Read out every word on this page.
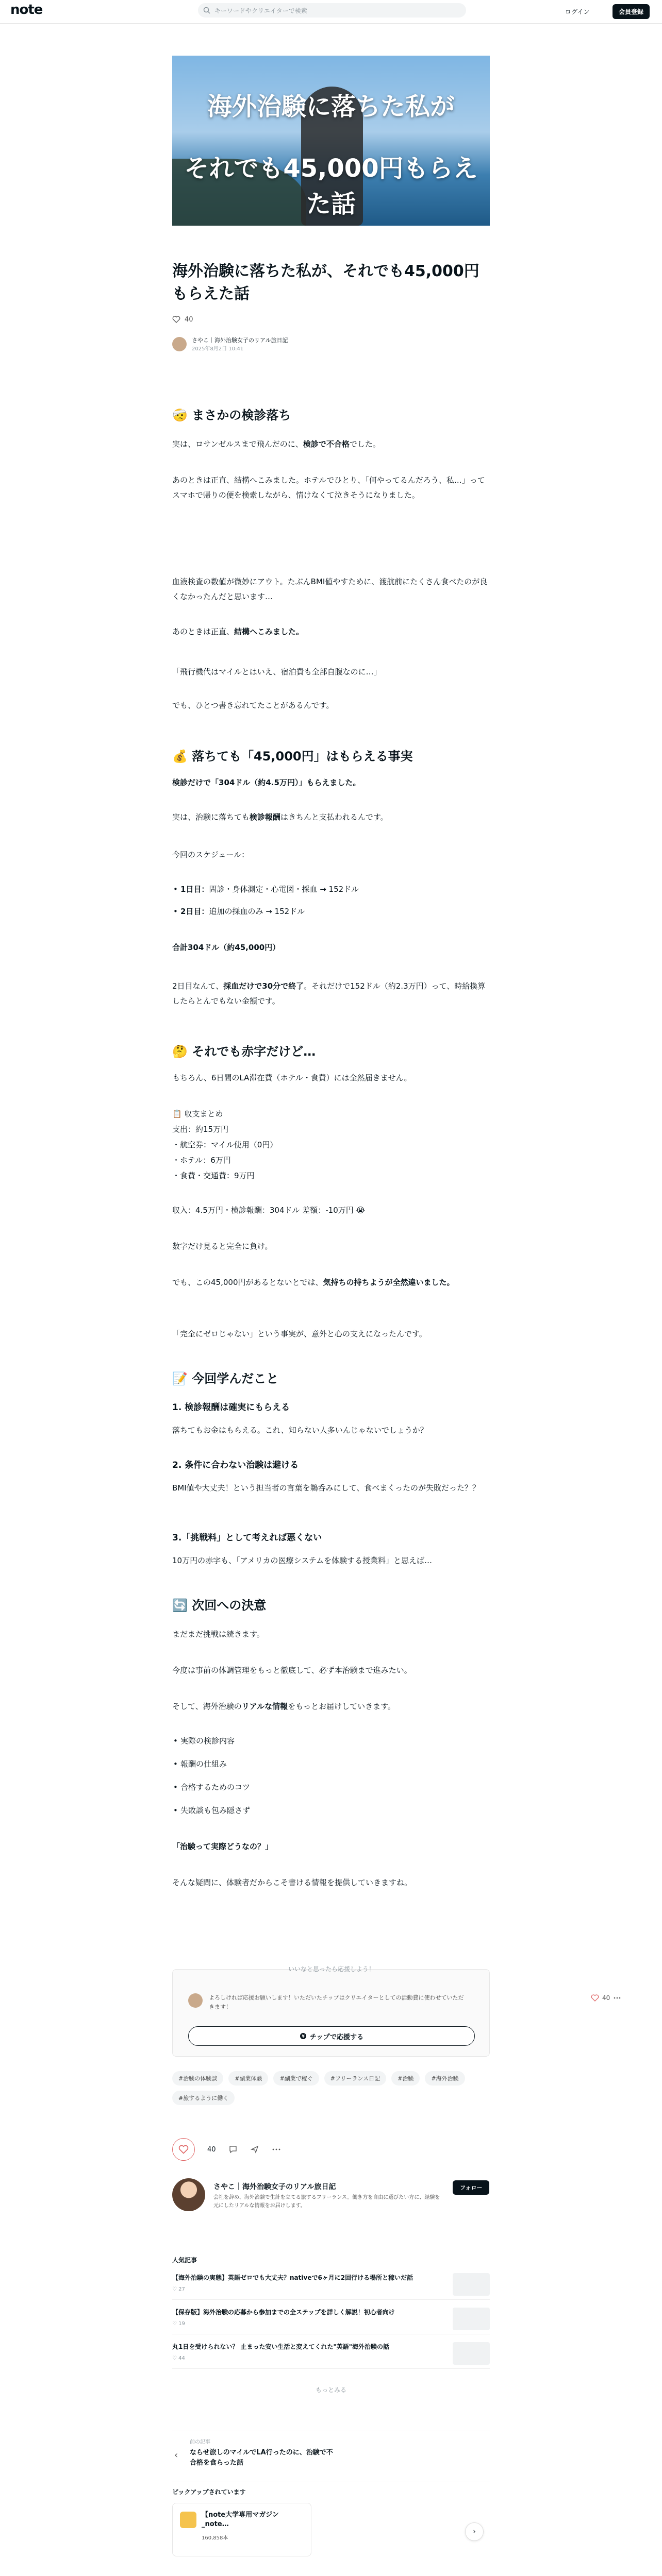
note	キーワードやクリエイターで検索	ログイン	会員登録
海外治験に落ちた私が
それでも45,000円もらえた話
海外治験に落ちた私が、それでも45,000円もらえた話
40
さやこ｜海外治験女子のリアル旅日記
2025年8月2日 10:41
🤕 まさかの検診落ち
実は、ロサンゼルスまで飛んだのに、検診で不合格でした。
あのときは正直、結構へこみました。ホテルでひとり、「何やってるんだろう、私…」って スマホで帰りの便を検索しながら、情けなくて泣きそうになりました。
血液検査の数値が微妙にアウト。たぶんBMI値やすために、渡航前にたくさん食べたのが良くなかったんだと思います…
あのときは正直、結構へこみました。
「飛行機代はマイルとはいえ、宿泊費も全部自腹なのに…」
でも、ひとつ書き忘れてたことがあるんです。
💰 落ちても「45,000円」はもらえる事実
検診だけで「304ドル（約4.5万円）」もらえました。
実は、治験に落ちても検診報酬はきちんと支払われるんです。
今回のスケジュール：
• 1日目：問診・身体測定・心電図・採血 → 152ドル
• 2日目：追加の採血のみ → 152ドル
合計304ドル（約45,000円）
2日目なんて、採血だけで30分で終了。それだけで152ドル（約2.3万円）って、時給換算したらとんでもない金額です。
🤔 それでも赤字だけど…
もちろん、6日間のLA滞在費（ホテル・食費）には全然届きません。
📋 収支まとめ
支出：約15万円
・航空券：マイル使用（0円）
・ホテル：6万円
・食費・交通費：9万円
収入：4.5万円・検診報酬：304ドル 差額：-10万円 😭
数字だけ見ると完全に負け。
でも、この45,000円があるとないとでは、気持ちの持ちようが全然違いました。
「完全にゼロじゃない」という事実が、意外と心の支えになったんです。
📝 今回学んだこと
1. 検診報酬は確実にもらえる
落ちてもお金はもらえる。これ、知らない人多いんじゃないでしょうか？
2. 条件に合わない治験は避ける
BMI値や大丈夫！という担当者の言葉を鵜呑みにして、食べまくったのが失敗だった？？
3.「挑戦料」として考えれば悪くない
10万円の赤字も、「アメリカの医療システムを体験する授業料」と思えば…
🔄 次回への決意
まだまだ挑戦は続きます。
今度は事前の体調管理をもっと徹底して、必ず本治験まで進みたい。
そして、海外治験のリアルな情報をもっとお届けしていきます。
• 実際の検診内容
• 報酬の仕組み
• 合格するためのコツ
• 失敗談も包み隠さず
「治験って実際どうなの？」
そんな疑問に、体験者だからこそ書ける情報を提供していきますね。
いいなと思ったら応援しよう！
よろしければ応援お願いします！いただいたチップはクリエイターとしての活動費に使わせていただきます！
¥ チップで応援する
40
#治験の体験談	#副業体験	#副業で稼ぐ	#フリーランス日記	#治験	#海外治験
#旅するように働く
40
さやこ｜海外治験女子のリアル旅日記
会社を辞め、海外治験で生計を立てる旅するフリーランス。働き方を自由に選びたい方に、経験を元にしたリアルな情報をお届けします。
フォロー
人気記事
【海外治験の実態】英語ゼロでも大丈夫？nativeで6ヶ月に2回行ける場所と稼いだ話
♡ 27
【保存版】海外治験の応募から参加までの全ステップを詳しく解説！初心者向け
♡ 19
丸1日を受けられない？ 止まった安い生活と変えてくれた"英語"海外治験の話
♡ 44
もっとみる
‹
前の記事
ならせ旅しのマイルでLA行ったのに、治験で不合格を食らった話
ピックアップされています
【note大学専用マガジン_note…
160,858本
›
